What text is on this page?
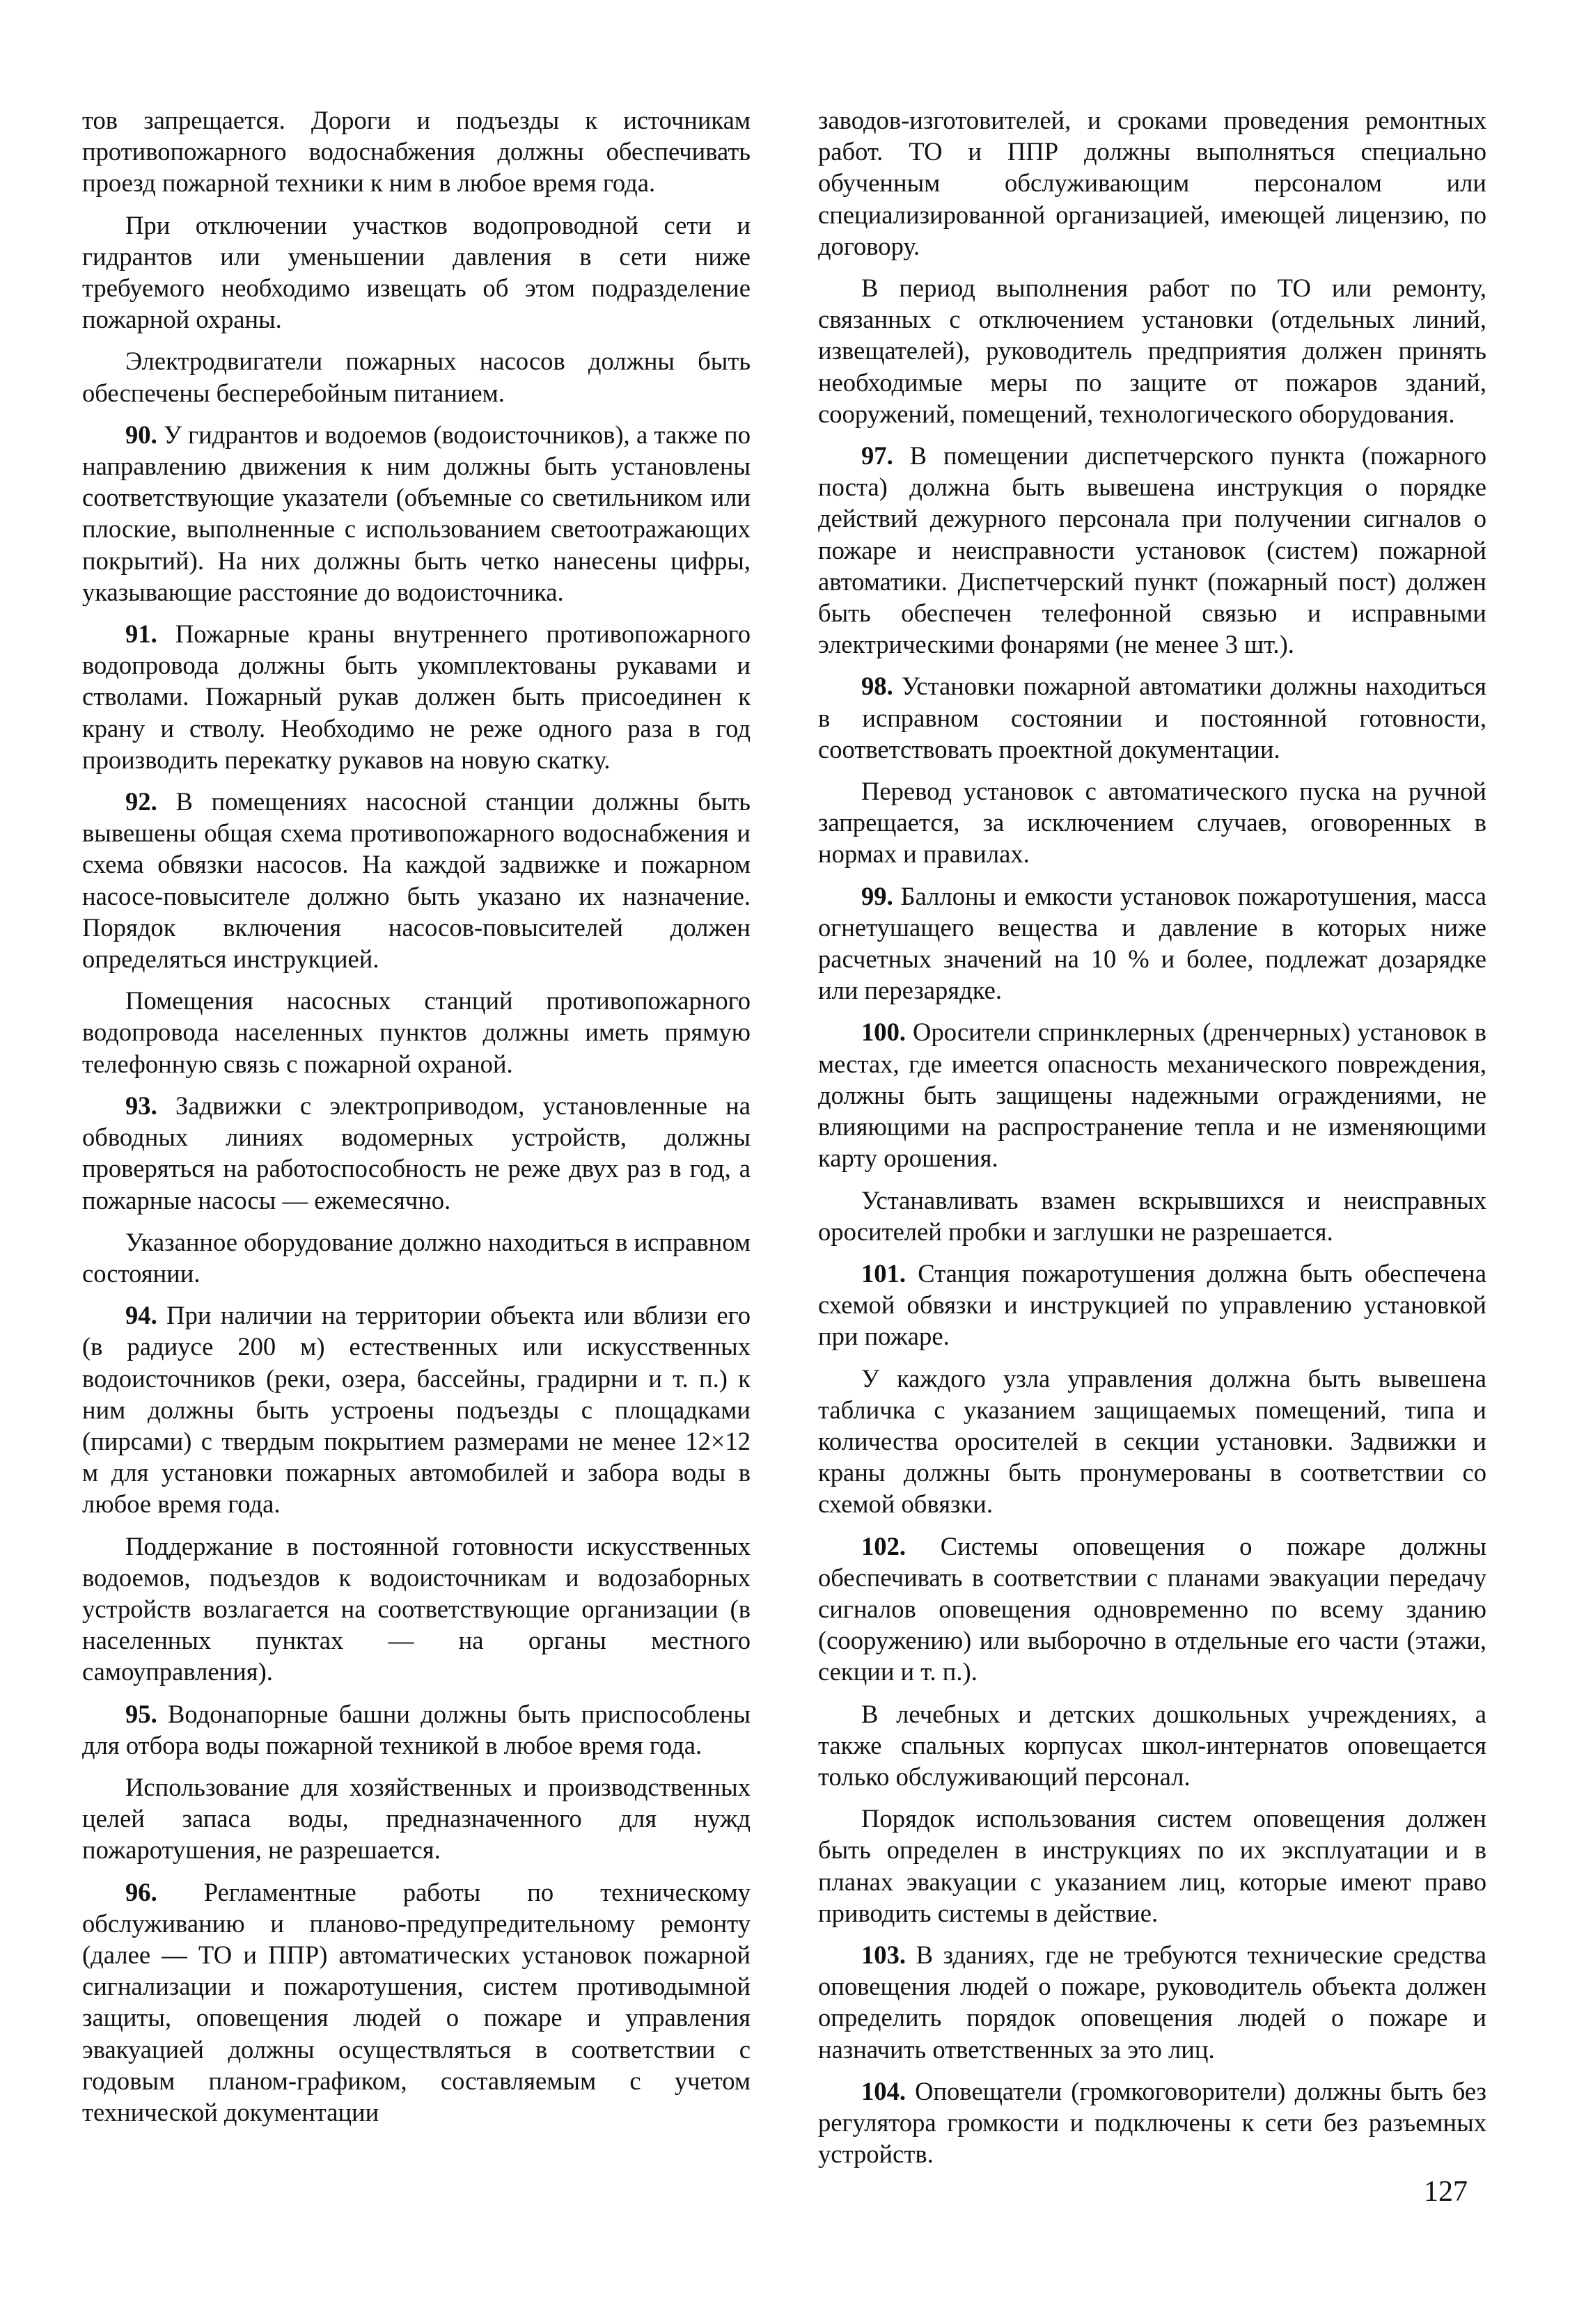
тов запрещается. Дороги и подъезды к источникам противопожарного водоснабжения должны обеспечивать проезд пожарной техники к ним в любое время года.

При отключении участков водопроводной сети и гидрантов или уменьшении давления в сети ниже требуемого необходимо извещать об этом подразделение пожарной охраны.

Электродвигатели пожарных насосов должны быть обеспечены бесперебойным питанием.

90. У гидрантов и водоемов (водоисточников), а также по направлению движения к ним должны быть установлены соответствующие указатели (объемные со светильником или плоские, выполненные с использованием светоотражающих покрытий). На них должны быть четко нанесены цифры, указывающие расстояние до водоисточника.

91. Пожарные краны внутреннего противопожарного водопровода должны быть укомплектованы рукавами и стволами. Пожарный рукав должен быть присоединен к крану и стволу. Необходимо не реже одного раза в год производить перекатку рукавов на новую скатку.

92. В помещениях насосной станции должны быть вывешены общая схема противопожарного водоснабжения и схема обвязки насосов. На каждой задвижке и пожарном насосе-повысителе должно быть указано их назначение. Порядок включения насосов-повысителей должен определяться инструкцией.

Помещения насосных станций противопожарного водопровода населенных пунктов должны иметь прямую телефонную связь с пожарной охраной.

93. Задвижки с электроприводом, установленные на обводных линиях водомерных устройств, должны проверяться на работоспособность не реже двух раз в год, а пожарные насосы — ежемесячно.

Указанное оборудование должно находиться в исправном состоянии.

94. При наличии на территории объекта или вблизи его (в радиусе 200 м) естественных или искусственных водоисточников (реки, озера, бассейны, градирни и т. п.) к ним должны быть устроены подъезды с площадками (пирсами) с твердым покрытием размерами не менее 12×12 м для установки пожарных автомобилей и забора воды в любое время года.

Поддержание в постоянной готовности искусственных водоемов, подъездов к водоисточникам и водозаборных устройств возлагается на соответствующие организации (в населенных пунктах — на органы местного самоуправления).

95. Водонапорные башни должны быть приспособлены для отбора воды пожарной техникой в любое время года.

Использование для хозяйственных и производственных целей запаса воды, предназначенного для нужд пожаротушения, не разрешается.

96. Регламентные работы по техническому обслуживанию и планово-предупредительному ремонту (далее — ТО и ППР) автоматических установок пожарной сигнализации и пожаротушения, систем противодымной защиты, оповещения людей о пожаре и управления эвакуацией должны осуществляться в соответствии с годовым планом-графиком, составляемым с учетом технической документации

заводов-изготовителей, и сроками проведения ремонтных работ. ТО и ППР должны выполняться специально обученным обслуживающим персоналом или специализированной организацией, имеющей лицензию, по договору.

В период выполнения работ по ТО или ремонту, связанных с отключением установки (отдельных линий, извещателей), руководитель предприятия должен принять необходимые меры по защите от пожаров зданий, сооружений, помещений, технологического оборудования.

97. В помещении диспетчерского пункта (пожарного поста) должна быть вывешена инструкция о порядке действий дежурного персонала при получении сигналов о пожаре и неисправности установок (систем) пожарной автоматики. Диспетчерский пункт (пожарный пост) должен быть обеспечен телефонной связью и исправными электрическими фонарями (не менее 3 шт.).

98. Установки пожарной автоматики должны находиться в исправном состоянии и постоянной готовности, соответствовать проектной документации.

Перевод установок с автоматического пуска на ручной запрещается, за исключением случаев, оговоренных в нормах и правилах.

99. Баллоны и емкости установок пожаротушения, масса огнетушащего вещества и давление в которых ниже расчетных значений на 10 % и более, подлежат дозарядке или перезарядке.

100. Оросители спринклерных (дренчерных) установок в местах, где имеется опасность механического повреждения, должны быть защищены надежными ограждениями, не влияющими на распространение тепла и не изменяющими карту орошения.

Устанавливать взамен вскрывшихся и неисправных оросителей пробки и заглушки не разрешается.

101. Станция пожаротушения должна быть обеспечена схемой обвязки и инструкцией по управлению установкой при пожаре.

У каждого узла управления должна быть вывешена табличка с указанием защищаемых помещений, типа и количества оросителей в секции установки. Задвижки и краны должны быть пронумерованы в соответствии со схемой обвязки.

102. Системы оповещения о пожаре должны обеспечивать в соответствии с планами эвакуации передачу сигналов оповещения одновременно по всему зданию (сооружению) или выборочно в отдельные его части (этажи, секции и т. п.).

В лечебных и детских дошкольных учреждениях, а также спальных корпусах школ-интернатов оповещается только обслуживающий персонал.

Порядок использования систем оповещения должен быть определен в инструкциях по их эксплуатации и в планах эвакуации с указанием лиц, которые имеют право приводить системы в действие.

103. В зданиях, где не требуются технические средства оповещения людей о пожаре, руководитель объекта должен определить порядок оповещения людей о пожаре и назначить ответственных за это лиц.

104. Оповещатели (громкоговорители) должны быть без регулятора громкости и подключены к сети без разъемных устройств.

127
